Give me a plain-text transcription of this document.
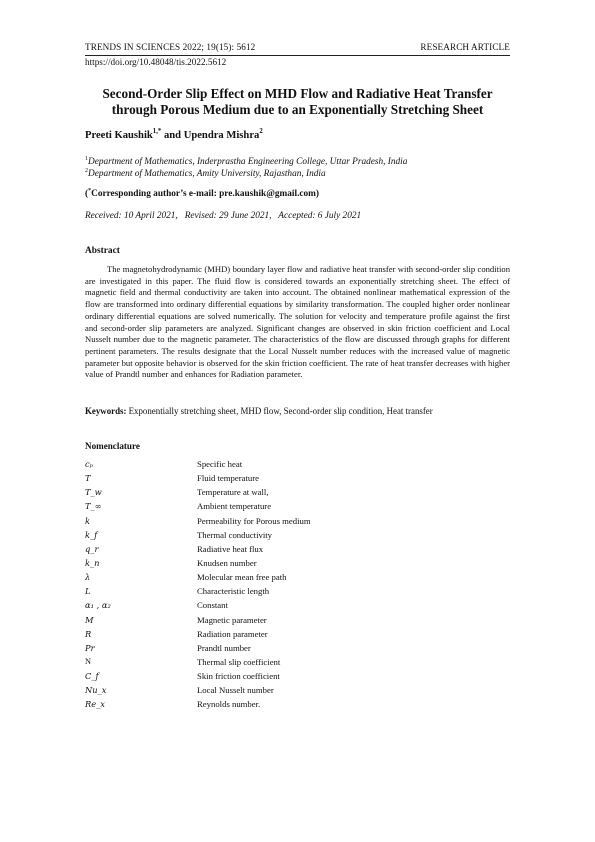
TRENDS IN SCIENCES 2022; 19(15): 5612	RESEARCH ARTICLE
https://doi.org/10.48048/tis.2022.5612
Second-Order Slip Effect on MHD Flow and Radiative Heat Transfer through Porous Medium due to an Exponentially Stretching Sheet
Preeti Kaushik$^{1,*}$ and Upendra Mishra$^2$
$^1$Department of Mathematics, Inderprastha Engineering College, Uttar Pradesh, India
$^2$Department of Mathematics, Amity University, Rajasthan, India
(*Corresponding author’s e-mail: pre.kaushik@gmail.com)
Received: 10 April 2021,   Revised: 29 June 2021,   Accepted: 6 July 2021
Abstract

The magnetohydrodynamic (MHD) boundary layer flow and radiative heat transfer with second-order slip condition are investigated in this paper. The fluid flow is considered towards an exponentially stretching sheet. The effect of magnetic field and thermal conductivity are taken into account. The obtained nonlinear mathematical expression of the flow are transformed into ordinary differential equations by similarity transformation. The coupled higher order nonlinear ordinary differential equations are solved numerically. The solution for velocity and temperature profile against the first and second-order slip parameters are analyzed. Significant changes are observed in skin friction coefficient and Local Nusselt number due to the magnetic parameter. The characteristics of the flow are discussed through graphs for different pertinent parameters. The results designate that the Local Nusselt number reduces with the increased value of magnetic parameter but opposite behavior is observed for the skin friction coefficient. The rate of heat transfer decreases with higher value of Prandtl number and enhances for Radiation parameter.

Keywords: Exponentially stretching sheet, MHD flow, Second-order slip condition, Heat transfer
Nomenclature
cₚ	Specific heat
T	Fluid temperature
T_w	Temperature at wall,
T_∞	Ambient temperature
k	Permeability for Porous medium
k_f	Thermal conductivity
q_r	Radiative heat flux
k_n	Knudsen number
λ	Molecular mean free path
L	Characteristic length
α₁ , α₂	Constant
M	Magnetic parameter
R	Radiation parameter
Pr	Prandtl number
N	Thermal slip coefficient
C_f	Skin friction coefficient
Nu_x	Local Nusselt number
Re_x	Reynolds number.
